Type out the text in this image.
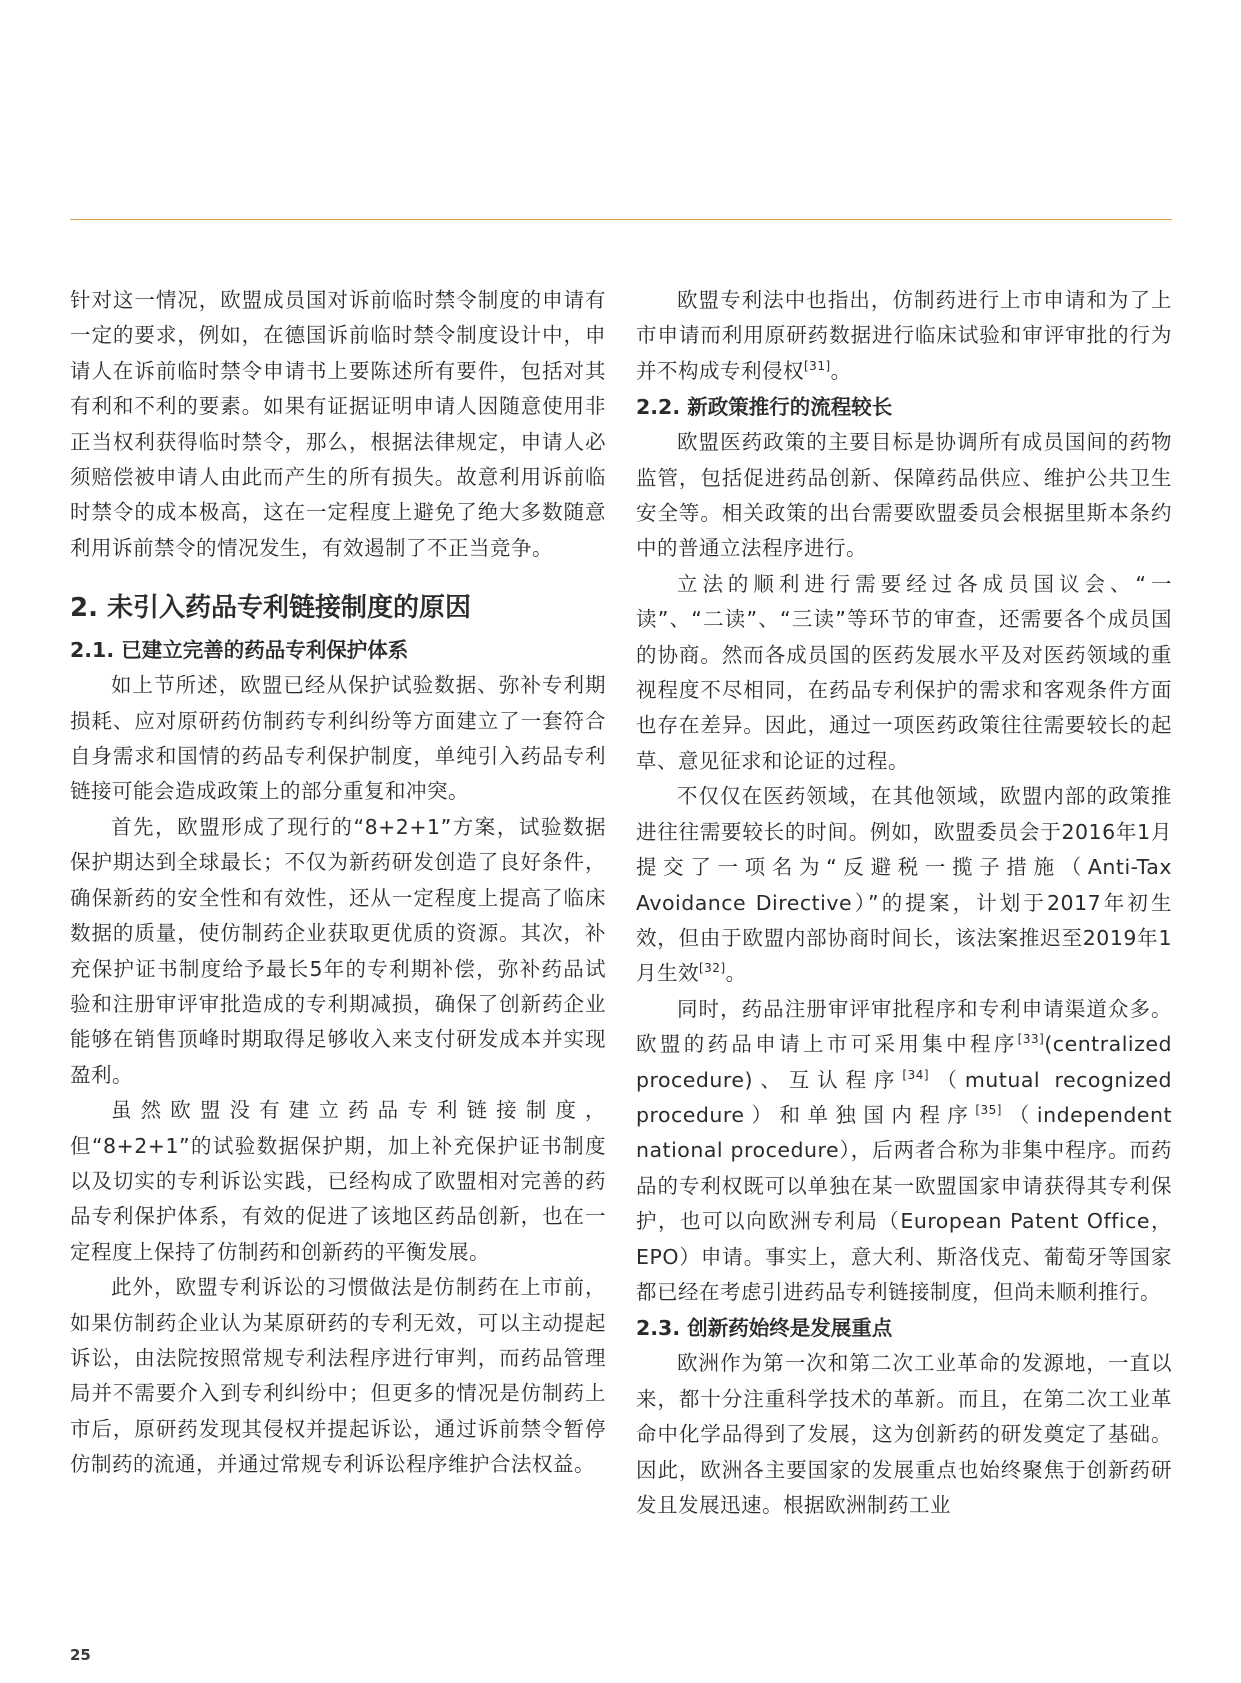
针对这一情况，欧盟成员国对诉前临时禁令制度的申请有一定的要求，例如，在德国诉前临时禁令制度设计中，申请人在诉前临时禁令申请书上要陈述所有要件，包括对其有利和不利的要素。如果有证据证明申请人因随意使用非正当权利获得临时禁令，那么，根据法律规定，申请人必须赔偿被申请人由此而产生的所有损失。故意利用诉前临时禁令的成本极高，这在一定程度上避免了绝大多数随意利用诉前禁令的情况发生，有效遏制了不正当竞争。

2. 未引入药品专利链接制度的原因
2.1. 已建立完善的药品专利保护体系

如上节所述，欧盟已经从保护试验数据、弥补专利期损耗、应对原研药仿制药专利纠纷等方面建立了一套符合自身需求和国情的药品专利保护制度，单纯引入药品专利链接可能会造成政策上的部分重复和冲突。

首先，欧盟形成了现行的“8+2+1”方案，试验数据保护期达到全球最长；不仅为新药研发创造了良好条件，确保新药的安全性和有效性，还从一定程度上提高了临床数据的质量，使仿制药企业获取更优质的资源。其次，补充保护证书制度给予最长5年的专利期补偿，弥补药品试验和注册审评审批造成的专利期减损，确保了创新药企业能够在销售顶峰时期取得足够收入来支付研发成本并实现盈利。

虽然欧盟没有建立药品专利链接制度，但“8+2+1”的试验数据保护期，加上补充保护证书制度以及切实的专利诉讼实践，已经构成了欧盟相对完善的药品专利保护体系，有效的促进了该地区药品创新，也在一定程度上保持了仿制药和创新药的平衡发展。

此外，欧盟专利诉讼的习惯做法是仿制药在上市前，如果仿制药企业认为某原研药的专利无效，可以主动提起诉讼，由法院按照常规专利法程序进行审判，而药品管理局并不需要介入到专利纠纷中；但更多的情况是仿制药上市后，原研药发现其侵权并提起诉讼，通过诉前禁令暂停仿制药的流通，并通过常规专利诉讼程序维护合法权益。

欧盟专利法中也指出，仿制药进行上市申请和为了上市申请而利用原研药数据进行临床试验和审评审批的行为并不构成专利侵权[31]。

2.2. 新政策推行的流程较长

欧盟医药政策的主要目标是协调所有成员国间的药物监管，包括促进药品创新、保障药品供应、维护公共卫生安全等。相关政策的出台需要欧盟委员会根据里斯本条约中的普通立法程序进行。

立法的顺利进行需要经过各成员国议会、“一读”、“二读”、“三读”等环节的审查，还需要各个成员国的协商。然而各成员国的医药发展水平及对医药领域的重视程度不尽相同，在药品专利保护的需求和客观条件方面也存在差异。因此，通过一项医药政策往往需要较长的起草、意见征求和论证的过程。

不仅仅在医药领域，在其他领域，欧盟内部的政策推进往往需要较长的时间。例如，欧盟委员会于2016年1月提交了一项名为“反避税一揽子措施（Anti-Tax Avoidance Directive）”的提案，计划于2017年初生效，但由于欧盟内部协商时间长，该法案推迟至2019年1月生效[32]。

同时，药品注册审评审批程序和专利申请渠道众多。欧盟的药品申请上市可采用集中程序[33](centralized procedure)、互认程序[34]（mutual recognized procedure）和单独国内程序[35]（independent national procedure），后两者合称为非集中程序。而药品的专利权既可以单独在某一欧盟国家申请获得其专利保护，也可以向欧洲专利局（European Patent Office，EPO）申请。事实上，意大利、斯洛伐克、葡萄牙等国家都已经在考虑引进药品专利链接制度，但尚未顺利推行。

2.3. 创新药始终是发展重点

欧洲作为第一次和第二次工业革命的发源地，一直以来，都十分注重科学技术的革新。而且，在第二次工业革命中化学品得到了发展，这为创新药的研发奠定了基础。因此，欧洲各主要国家的发展重点也始终聚焦于创新药研发且发展迅速。根据欧洲制药工业

25
